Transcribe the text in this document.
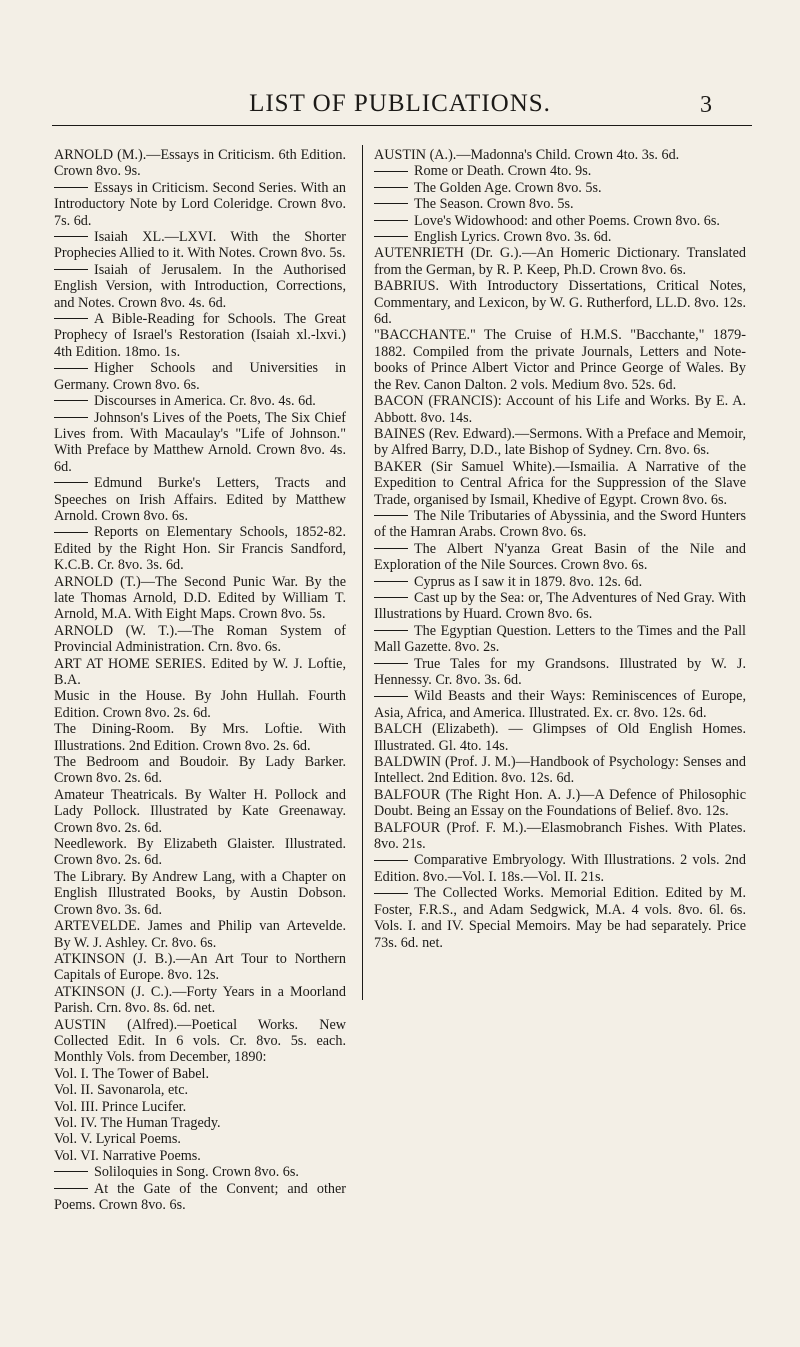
LIST OF PUBLICATIONS.	3
ARNOLD (M.).—Essays in Criticism. 6th Edition. Crown 8vo. 9s.
Essays in Criticism. Second Series. With an Introductory Note by Lord Coleridge. Crown 8vo. 7s. 6d.
Isaiah XL.—LXVI. With the Shorter Prophecies Allied to it. With Notes. Crown 8vo. 5s.
Isaiah of Jerusalem. In the Authorised English Version, with Introduction, Corrections, and Notes. Crown 8vo. 4s. 6d.
A Bible-Reading for Schools. The Great Prophecy of Israel's Restoration (Isaiah xl.-lxvi.) 4th Edition. 18mo. 1s.
Higher Schools and Universities in Germany. Crown 8vo. 6s.
Discourses in America. Cr. 8vo. 4s. 6d.
Johnson's Lives of the Poets, The Six Chief Lives from. With Macaulay's "Life of Johnson." With Preface by Matthew Arnold. Crown 8vo. 4s. 6d.
Edmund Burke's Letters, Tracts and Speeches on Irish Affairs. Edited by Matthew Arnold. Crown 8vo. 6s.
Reports on Elementary Schools, 1852-82. Edited by the Right Hon. Sir Francis Sandford, K.C.B. Cr. 8vo. 3s. 6d.
ARNOLD (T.)—The Second Punic War. By the late Thomas Arnold, D.D. Edited by William T. Arnold, M.A. With Eight Maps. Crown 8vo. 5s.
ARNOLD (W. T.).—The Roman System of Provincial Administration. Crn. 8vo. 6s.
ART AT HOME SERIES. Edited by W. J. Loftie, B.A.
Music in the House. By John Hullah. Fourth Edition. Crown 8vo. 2s. 6d.
The Dining-Room. By Mrs. Loftie. With Illustrations. 2nd Edition. Crown 8vo. 2s. 6d.
The Bedroom and Boudoir. By Lady Barker. Crown 8vo. 2s. 6d.
Amateur Theatricals. By Walter H. Pollock and Lady Pollock. Illustrated by Kate Greenaway. Crown 8vo. 2s. 6d.
Needlework. By Elizabeth Glaister. Illustrated. Crown 8vo. 2s. 6d.
The Library. By Andrew Lang, with a Chapter on English Illustrated Books, by Austin Dobson. Crown 8vo. 3s. 6d.
ARTEVELDE. James and Philip van Artevelde. By W. J. Ashley. Cr. 8vo. 6s.
ATKINSON (J. B.).—An Art Tour to Northern Capitals of Europe. 8vo. 12s.
ATKINSON (J. C.).—Forty Years in a Moorland Parish. Crn. 8vo. 8s. 6d. net.
AUSTIN (Alfred).—Poetical Works. New Collected Edit. In 6 vols. Cr. 8vo. 5s. each. Monthly Vols. from December, 1890:
Vol. I. The Tower of Babel.
Vol. II. Savonarola, etc.
Vol. III. Prince Lucifer.
Vol. IV. The Human Tragedy.
Vol. V. Lyrical Poems.
Vol. VI. Narrative Poems.
Soliloquies in Song. Crown 8vo. 6s.
At the Gate of the Convent; and other Poems. Crown 8vo. 6s.
AUSTIN (A.).—Madonna's Child. Crown 4to. 3s. 6d.
Rome or Death. Crown 4to. 9s.
The Golden Age. Crown 8vo. 5s.
The Season. Crown 8vo. 5s.
Love's Widowhood: and other Poems. Crown 8vo. 6s.
English Lyrics. Crown 8vo. 3s. 6d.
AUTENRIETH (Dr. G.).—An Homeric Dictionary. Translated from the German, by R. P. Keep, Ph.D. Crown 8vo. 6s.
BABRIUS. With Introductory Dissertations, Critical Notes, Commentary, and Lexicon, by W. G. Rutherford, LL.D. 8vo. 12s. 6d.
"BACCHANTE." The Cruise of H.M.S. "Bacchante," 1879-1882. Compiled from the private Journals, Letters and Note-books of Prince Albert Victor and Prince George of Wales. By the Rev. Canon Dalton. 2 vols. Medium 8vo. 52s. 6d.
BACON (FRANCIS): Account of his Life and Works. By E. A. Abbott. 8vo. 14s.
BAINES (Rev. Edward).—Sermons. With a Preface and Memoir, by Alfred Barry, D.D., late Bishop of Sydney. Crn. 8vo. 6s.
BAKER (Sir Samuel White).—Ismailia. A Narrative of the Expedition to Central Africa for the Suppression of the Slave Trade, organised by Ismail, Khedive of Egypt. Crown 8vo. 6s.
The Nile Tributaries of Abyssinia, and the Sword Hunters of the Hamran Arabs. Crown 8vo. 6s.
The Albert N'yanza Great Basin of the Nile and Exploration of the Nile Sources. Crown 8vo. 6s.
Cyprus as I saw it in 1879. 8vo. 12s. 6d.
Cast up by the Sea: or, The Adventures of Ned Gray. With Illustrations by Huard. Crown 8vo. 6s.
The Egyptian Question. Letters to the Times and the Pall Mall Gazette. 8vo. 2s.
True Tales for my Grandsons. Illustrated by W. J. Hennessy. Cr. 8vo. 3s. 6d.
Wild Beasts and their Ways: Reminiscences of Europe, Asia, Africa, and America. Illustrated. Ex. cr. 8vo. 12s. 6d.
BALCH (Elizabeth). — Glimpses of Old English Homes. Illustrated. Gl. 4to. 14s.
BALDWIN (Prof. J. M.)—Handbook of Psychology: Senses and Intellect. 2nd Edition. 8vo. 12s. 6d.
BALFOUR (The Right Hon. A. J.)—A Defence of Philosophic Doubt. Being an Essay on the Foundations of Belief. 8vo. 12s.
BALFOUR (Prof. F. M.).—Elasmobranch Fishes. With Plates. 8vo. 21s.
Comparative Embryology. With Illustrations. 2 vols. 2nd Edition. 8vo.—Vol. I. 18s.—Vol. II. 21s.
The Collected Works. Memorial Edition. Edited by M. Foster, F.R.S., and Adam Sedgwick, M.A. 4 vols. 8vo. 6l. 6s. Vols. I. and IV. Special Memoirs. May be had separately. Price 73s. 6d. net.
